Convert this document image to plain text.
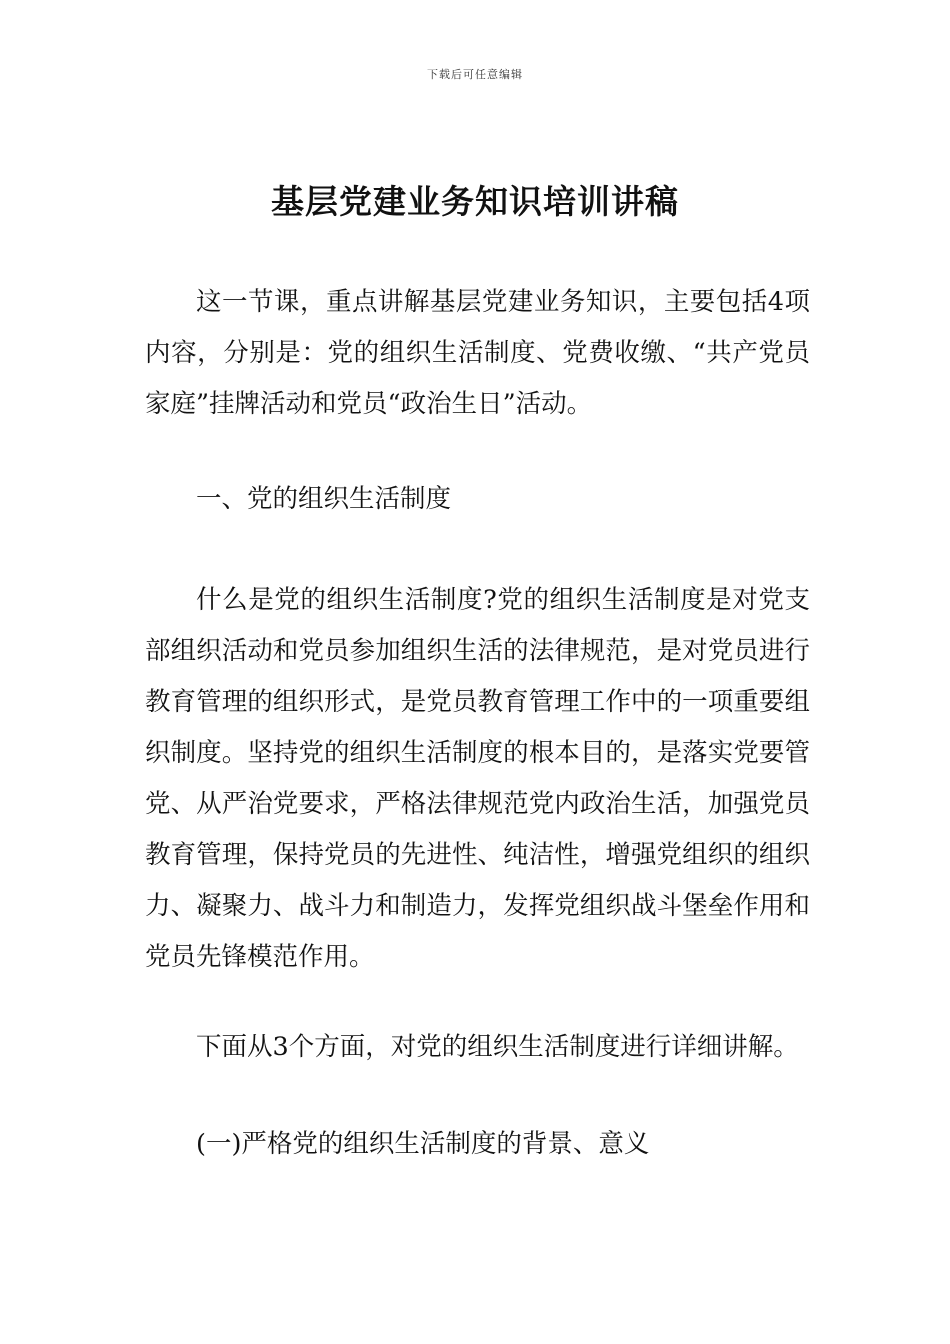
下载后可任意编辑
基层党建业务知识培训讲稿

这一节课，重点讲解基层党建业务知识，主要包括4项内容，分别是：党的组织生活制度、党费收缴、“共产党员家庭”挂牌活动和党员“政治生日”活动。

一、党的组织生活制度

什么是党的组织生活制度?党的组织生活制度是对党支部组织活动和党员参加组织生活的法律规范，是对党员进行教育管理的组织形式，是党员教育管理工作中的一项重要组织制度。坚持党的组织生活制度的根本目的，是落实党要管党、从严治党要求，严格法律规范党内政治生活，加强党员教育管理，保持党员的先进性、纯洁性，增强党组织的组织力、凝聚力、战斗力和制造力，发挥党组织战斗堡垒作用和党员先锋模范作用。

下面从3个方面，对党的组织生活制度进行详细讲解。

(一)严格党的组织生活制度的背景、意义
